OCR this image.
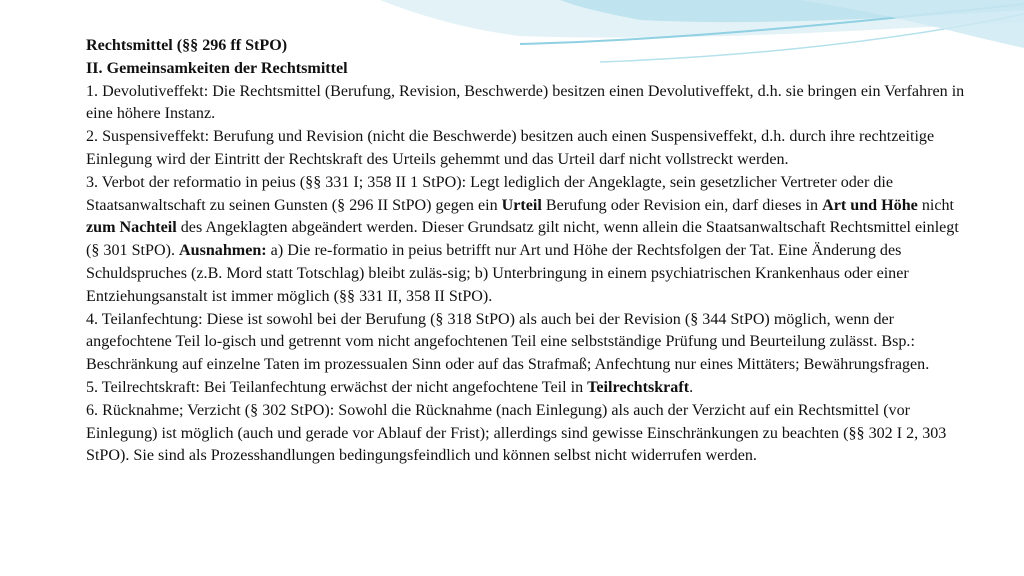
Rechtsmittel (§§ 296 ff StPO)

II. Gemeinsamkeiten der Rechtsmittel

1. Devolutiveffekt: Die Rechtsmittel (Berufung, Revision, Beschwerde) besitzen einen Devolutiveffekt, d.h. sie bringen ein Verfahren in eine höhere Instanz.

2. Suspensiveffekt: Berufung und Revision (nicht die Beschwerde) besitzen auch einen Suspensiveffekt, d.h. durch ihre rechtzeitige Einlegung wird der Eintritt der Rechtskraft des Urteils gehemmt und das Urteil darf nicht vollstreckt werden.

3. Verbot der reformatio in peius (§§ 331 I; 358 II 1 StPO): Legt lediglich der Angeklagte, sein gesetzlicher Vertreter oder die Staatsanwaltschaft zu seinen Gunsten (§ 296 II StPO) gegen ein Urteil Berufung oder Revision ein, darf dieses in Art und Höhe nicht zum Nachteil des Angeklagten abgeändert werden. Dieser Grundsatz gilt nicht, wenn allein die Staatsanwaltschaft Rechtsmittel einlegt (§ 301 StPO). Ausnahmen: a) Die re-formatio in peius betrifft nur Art und Höhe der Rechtsfolgen der Tat. Eine Änderung des Schuldspruches (z.B. Mord statt Totschlag) bleibt zuläs-sig; b) Unterbringung in einem psychiatrischen Krankenhaus oder einer Entziehungsanstalt ist immer möglich (§§ 331 II, 358 II StPO).

4. Teilanfechtung: Diese ist sowohl bei der Berufung (§ 318 StPO) als auch bei der Revision (§ 344 StPO) möglich, wenn der angefochtene Teil lo-gisch und getrennt vom nicht angefochtenen Teil eine selbstständige Prüfung und Beurteilung zulässt. Bsp.: Beschränkung auf einzelne Taten im prozessualen Sinn oder auf das Strafmaß; Anfechtung nur eines Mittäters; Bewährungsfragen.

5. Teilrechtskraft: Bei Teilanfechtung erwächst der nicht angefochtene Teil in Teilrechtskraft.

6. Rücknahme; Verzicht (§ 302 StPO): Sowohl die Rücknahme (nach Einlegung) als auch der Verzicht auf ein Rechtsmittel (vor Einlegung) ist möglich (auch und gerade vor Ablauf der Frist); allerdings sind gewisse Einschränkungen zu beachten (§§ 302 I 2, 303 StPO). Sie sind als Prozesshandlungen bedingungsfeindlich und können selbst nicht widerrufen werden.
